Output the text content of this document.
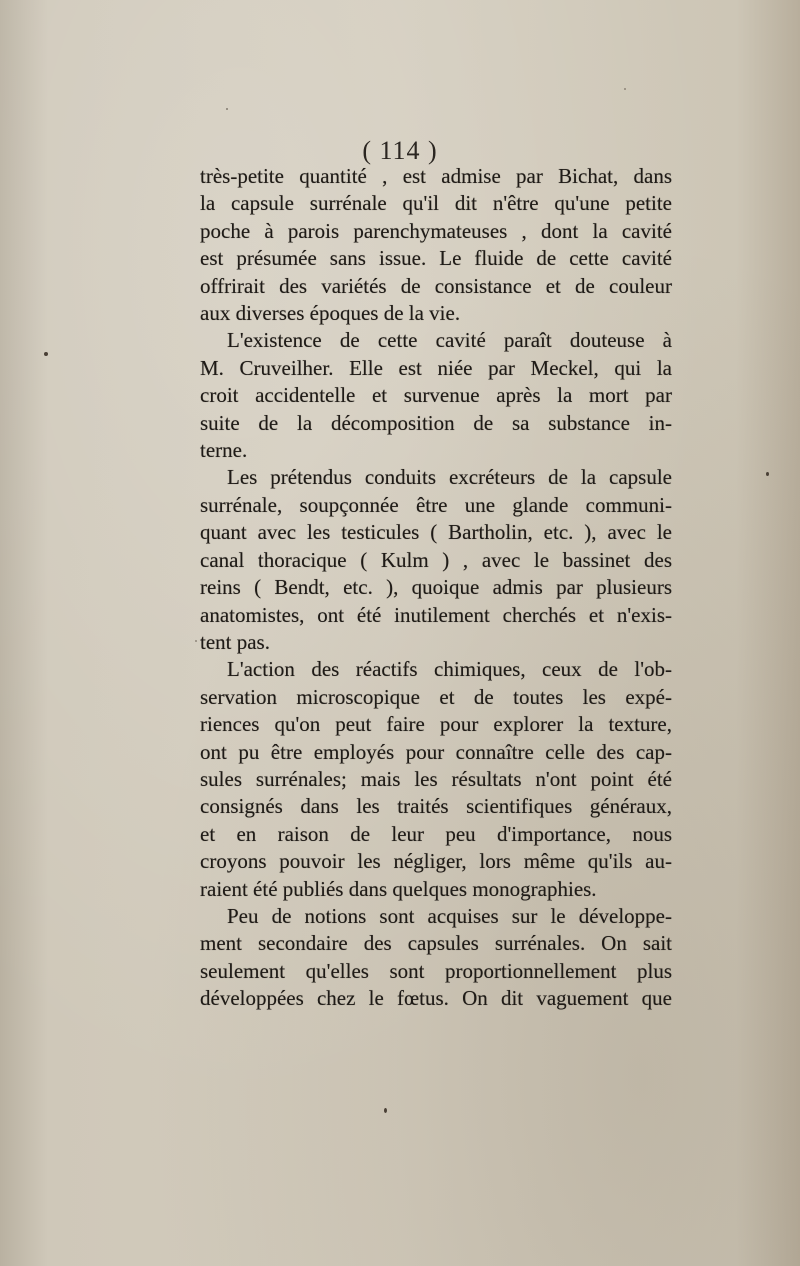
( 114 )
très-petite quantité , est admise par Bichat, dans
la capsule surrénale qu'il dit n'être qu'une petite
poche à parois parenchymateuses , dont la cavité
est présumée sans issue. Le fluide de cette cavité
offrirait des variétés de consistance et de couleur
aux diverses époques de la vie.
L'existence de cette cavité paraît douteuse à
M. Cruveilher. Elle est niée par Meckel, qui la
croit accidentelle et survenue après la mort par
suite de la décomposition de sa substance in-
terne.
Les prétendus conduits excréteurs de la capsule
surrénale, soupçonnée être une glande communi-
quant avec les testicules ( Bartholin, etc. ), avec le
canal thoracique ( Kulm ) , avec le bassinet des
reins ( Bendt, etc. ), quoique admis par plusieurs
anatomistes, ont été inutilement cherchés et n'exis-
tent pas.
L'action des réactifs chimiques, ceux de l'ob-
servation microscopique et de toutes les expé-
riences qu'on peut faire pour explorer la texture,
ont pu être employés pour connaître celle des cap-
sules surrénales; mais les résultats n'ont point été
consignés dans les traités scientifiques généraux,
et en raison de leur peu d'importance, nous
croyons pouvoir les négliger, lors même qu'ils au-
raient été publiés dans quelques monographies.
Peu de notions sont acquises sur le développe-
ment secondaire des capsules surrénales. On sait
seulement qu'elles sont proportionnellement plus
développées chez le fœtus. On dit vaguement que
